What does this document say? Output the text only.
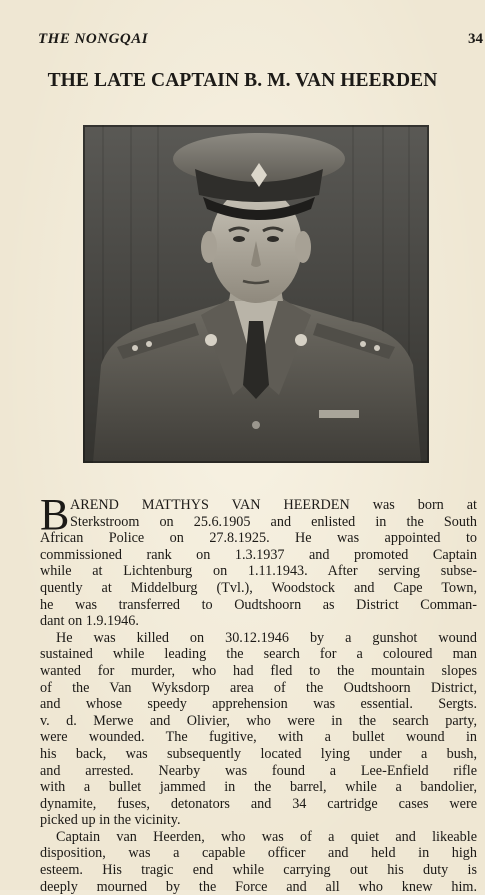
THE NONGQAI	34
THE LATE CAPTAIN B. M. VAN HEERDEN
B AREND MATTHYS VAN HEERDEN was born at
Sterkstroom on 25.6.1905 and enlisted in the South
African Police on 27.8.1925. He was appointed to
commissioned rank on 1.3.1937 and promoted Captain
while at Lichtenburg on 1.11.1943. After serving subse-
quently at Middelburg (Tvl.), Woodstock and Cape Town,
he was transferred to Oudtshoorn as District Comman-
dant on 1.9.1946.
He was killed on 30.12.1946 by a gunshot wound
sustained while leading the search for a coloured man
wanted for murder, who had fled to the mountain slopes
of the Van Wyksdorp area of the Oudtshoorn District,
and whose speedy apprehension was essential. Sergts.
v. d. Merwe and Olivier, who were in the search party,
were wounded. The fugitive, with a bullet wound in
his back, was subsequently located lying under a bush,
and arrested. Nearby was found a Lee-Enfield rifle
with a bullet jammed in the barrel, while a bandolier,
dynamite, fuses, detonators and 34 cartridge cases were
picked up in the vicinity.
Captain van Heerden, who was of a quiet and likeable
disposition, was a capable officer and held in high
esteem. His tragic end while carrying out his duty is
deeply mourned by the Force and all who knew him.
